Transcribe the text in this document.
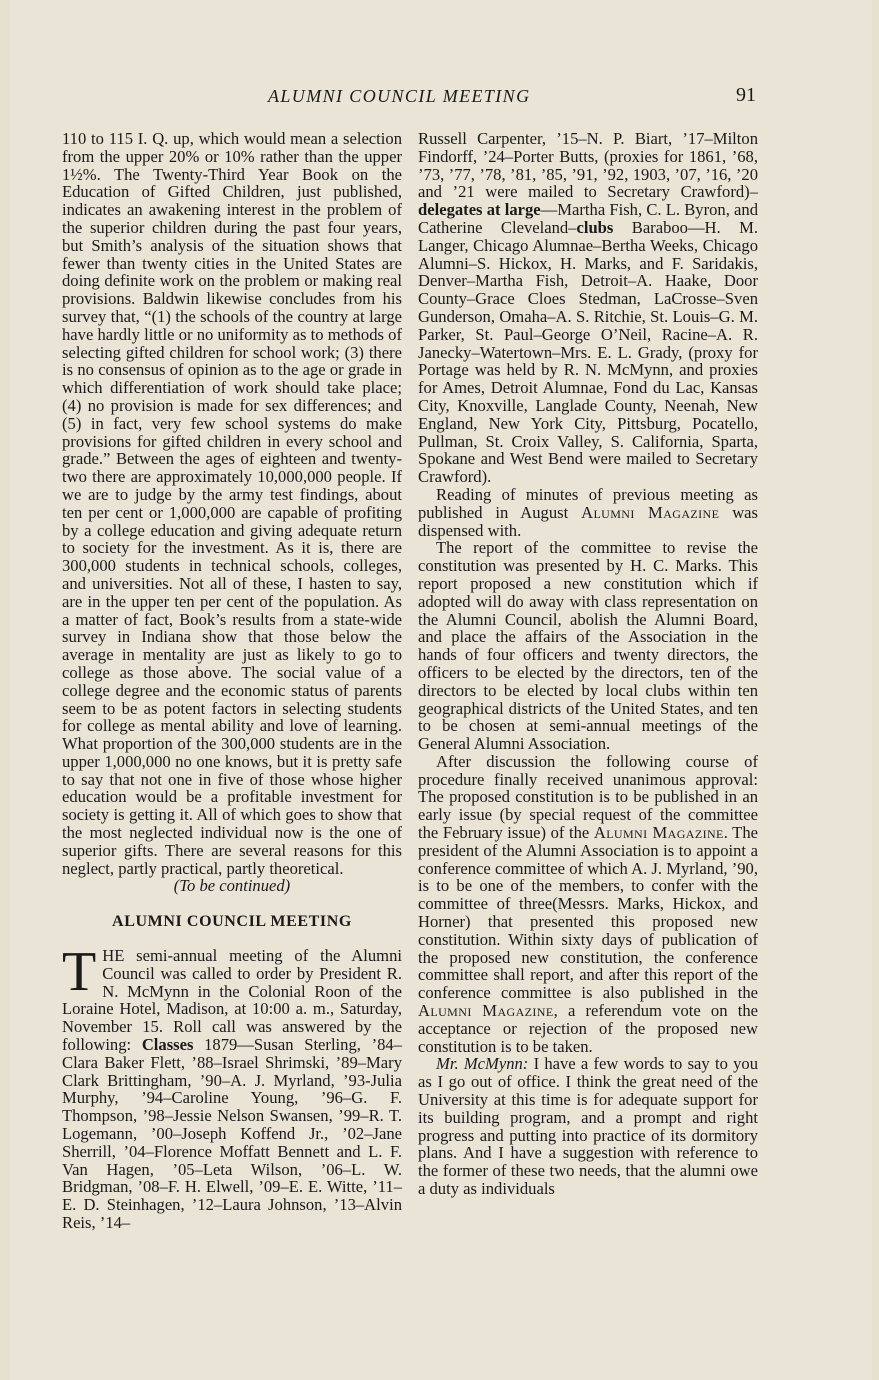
ALUMNI COUNCIL MEETING	91

110 to 115 I. Q. up, which would mean a selection from the upper 20% or 10% rather than the upper 1½%. The Twenty-Third Year Book on the Education of Gifted Children, just published, indicates an awakening interest in the problem of the superior children during the past four years, but Smith’s analysis of the situation shows that fewer than twenty cities in the United States are doing definite work on the problem or making real provisions. Baldwin likewise concludes from his survey that, “(1) the schools of the country at large have hardly little or no uniformity as to methods of selecting gifted children for school work; (3) there is no consensus of opinion as to the age or grade in which differentiation of work should take place; (4) no provision is made for sex differences; and (5) in fact, very few school systems do make provisions for gifted children in every school and grade.” Between the ages of eighteen and twenty-two there are approximately 10,000,000 people. If we are to judge by the army test findings, about ten per cent or 1,000,000 are capable of profiting by a college education and giving adequate return to society for the investment. As it is, there are 300,000 students in technical schools, colleges, and universities. Not all of these, I hasten to say, are in the upper ten per cent of the population. As a matter of fact, Book’s results from a state-wide survey in Indiana show that those below the average in mentality are just as likely to go to college as those above. The social value of a college degree and the economic status of parents seem to be as potent factors in selecting students for college as mental ability and love of learning. What proportion of the 300,000 students are in the upper 1,000,000 no one knows, but it is pretty safe to say that not one in five of those whose higher education would be a profitable investment for society is getting it. All of which goes to show that the most neglected individual now is the one of superior gifts. There are several reasons for this neglect, partly practical, partly theoretical.

(To be continued)

ALUMNI COUNCIL MEETING

THE semi-annual meeting of the Alumni Council was called to order by President R. N. McMynn in the Colonial Roon of the Loraine Hotel, Madison, at 10:00 a. m., Saturday, November 15. Roll call was answered by the following: Classes 1879—Susan Sterling, ’84–Clara Baker Flett, ’88–Israel Shrimski, ’89–Mary Clark Brittingham, ’90–A. J. Myrland, ’93-Julia Murphy, ’94–Caroline Young, ’96–G. F. Thompson, ’98–Jessie Nelson Swansen, ’99–R. T. Logemann, ’00–Joseph Koffend Jr., ’02–Jane Sherrill, ’04–Florence Moffatt Bennett and L. F. Van Hagen, ’05–Leta Wilson, ’06–L. W. Bridgman, ’08–F. H. Elwell, ’09–E. E. Witte, ’11–E. D. Steinhagen, ’12–Laura Johnson, ’13–Alvin Reis, ’14–

Russell Carpenter, ’15–N. P. Biart, ’17–Milton Findorff, ’24–Porter Butts, (proxies for 1861, ’68, ’73, ’77, ’78, ’81, ’85, ’91, ’92, 1903, ’07, ’16, ’20 and ’21 were mailed to Secretary Crawford)–delegates at large—Martha Fish, C. L. Byron, and Catherine Cleveland–clubs Baraboo—H. M. Langer, Chicago Alumnae–Bertha Weeks, Chicago Alumni–S. Hickox, H. Marks, and F. Saridakis, Denver–Martha Fish, Detroit–A. Haake, Door County–Grace Cloes Stedman, LaCrosse–Sven Gunderson, Omaha–A. S. Ritchie, St. Louis–G. M. Parker, St. Paul–George O’Neil, Racine–A. R. Janecky–Watertown–Mrs. E. L. Grady, (proxy for Portage was held by R. N. McMynn, and proxies for Ames, Detroit Alumnae, Fond du Lac, Kansas City, Knoxville, Langlade County, Neenah, New England, New York City, Pittsburg, Pocatello, Pullman, St. Croix Valley, S. California, Sparta, Spokane and West Bend were mailed to Secretary Crawford).

Reading of minutes of previous meeting as published in August Alumni Magazine was dispensed with.

The report of the committee to revise the constitution was presented by H. C. Marks. This report proposed a new constitution which if adopted will do away with class representation on the Alumni Council, abolish the Alumni Board, and place the affairs of the Association in the hands of four officers and twenty directors, the officers to be elected by the directors, ten of the directors to be elected by local clubs within ten geographical districts of the United States, and ten to be chosen at semi-annual meetings of the General Alumni Association.

After discussion the following course of procedure finally received unanimous approval: The proposed constitution is to be published in an early issue (by special request of the committee the February issue) of the Alumni Magazine. The president of the Alumni Association is to appoint a conference committee of which A. J. Myrland, ’90, is to be one of the members, to confer with the committee of three(Messrs. Marks, Hickox, and Horner) that presented this proposed new constitution. Within sixty days of publication of the proposed new constitution, the conference committee shall report, and after this report of the conference committee is also published in the Alumni Magazine, a referendum vote on the acceptance or rejection of the proposed new constitution is to be taken.

Mr. McMynn: I have a few words to say to you as I go out of office. I think the great need of the University at this time is for adequate support for its building program, and a prompt and right progress and putting into practice of its dormitory plans. And I have a suggestion with reference to the former of these two needs, that the alumni owe a duty as individuals
